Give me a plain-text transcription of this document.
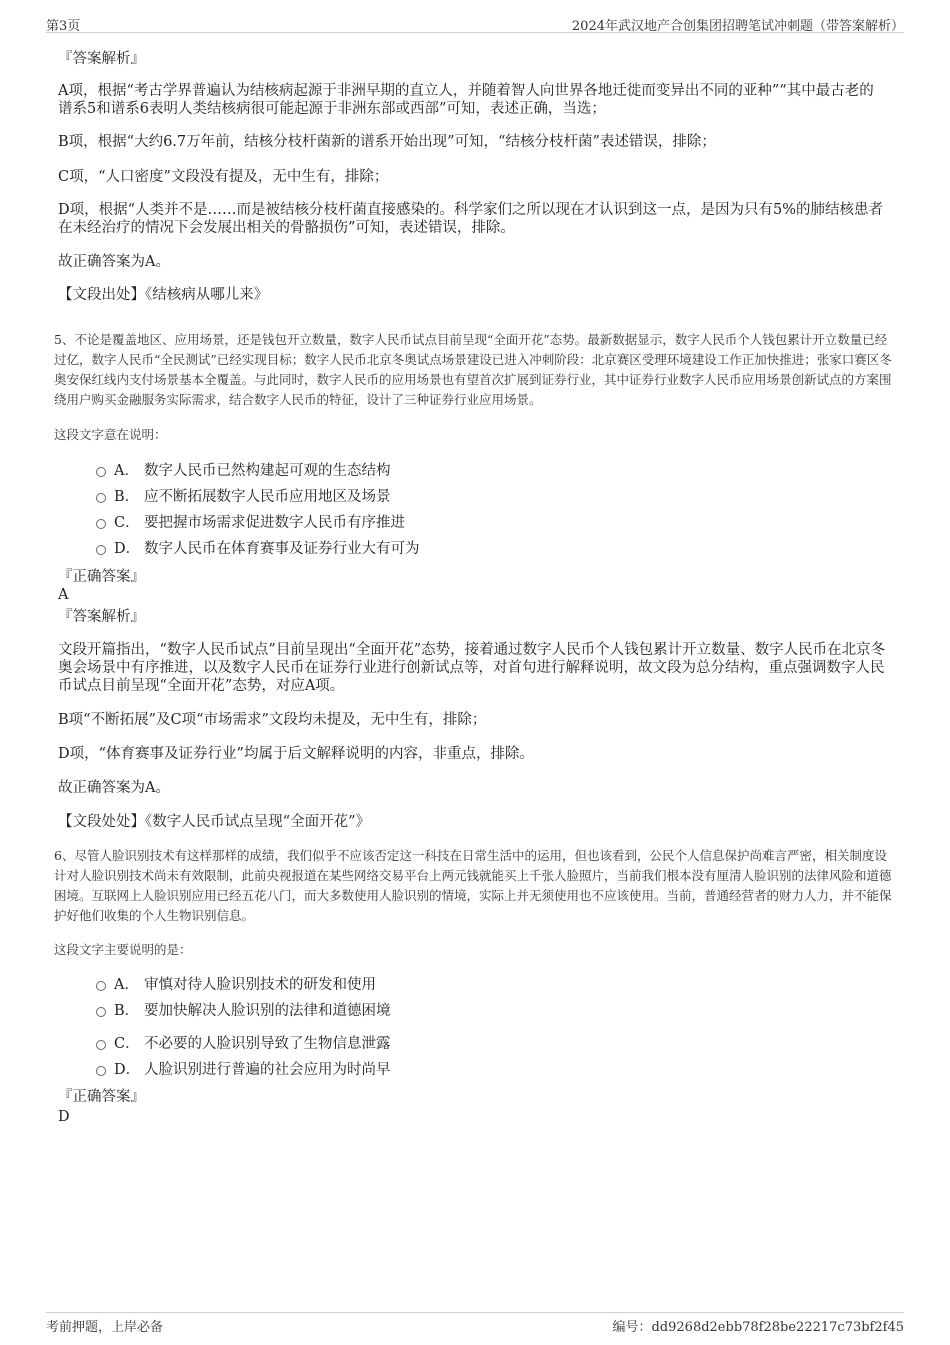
第3页	2024年武汉地产合创集团招聘笔试冲刺题（带答案解析）

『答案解析』

A项，根据“考古学界普遍认为结核病起源于非洲早期的直立人，并随着智人向世界各地迁徙而变异出不同的亚种”“其中最古老的谱系5和谱系6表明人类结核病很可能起源于非洲东部或西部”可知，表述正确，当选；

B项，根据“大约6.7万年前，结核分枝杆菌新的谱系开始出现”可知，“结核分枝杆菌”表述错误，排除；

C项，“人口密度”文段没有提及，无中生有，排除；

D项，根据“人类并不是……而是被结核分枝杆菌直接感染的。科学家们之所以现在才认识到这一点，是因为只有5%的肺结核患者在未经治疗的情况下会发展出相关的骨骼损伤”可知，表述错误，排除。

故正确答案为A。

【文段出处】《结核病从哪儿来》

5、不论是覆盖地区、应用场景，还是钱包开立数量，数字人民币试点目前呈现“全面开花”态势。最新数据显示，数字人民币个人钱包累计开立数量已经过亿，数字人民币“全民测试”已经实现目标；数字人民币北京冬奥试点场景建设已进入冲刺阶段：北京赛区受理环境建设工作正加快推进；张家口赛区冬奥安保红线内支付场景基本全覆盖。与此同时，数字人民币的应用场景也有望首次扩展到证券行业，其中证券行业数字人民币应用场景创新试点的方案围绕用户购买金融服务实际需求，结合数字人民币的特征，设计了三种证券行业应用场景。

这段文字意在说明：

A． 数字人民币已然构建起可观的生态结构
B． 应不断拓展数字人民币应用地区及场景
C． 要把握市场需求促进数字人民币有序推进
D． 数字人民币在体育赛事及证券行业大有可为

『正确答案』

A

『答案解析』

文段开篇指出，“数字人民币试点”目前呈现出“全面开花”态势，接着通过数字人民币个人钱包累计开立数量、数字人民币在北京冬奥会场景中有序推进，以及数字人民币在证券行业进行创新试点等，对首句进行解释说明，故文段为总分结构，重点强调数字人民币试点目前呈现“全面开花”态势，对应A项。

B项“不断拓展”及C项“市场需求”文段均未提及，无中生有，排除；

D项，“体育赛事及证券行业”均属于后文解释说明的内容，非重点，排除。

故正确答案为A。

【文段处处】《数字人民币试点呈现“全面开花”》

6、尽管人脸识别技术有这样那样的成绩，我们似乎不应该否定这一科技在日常生活中的运用，但也该看到，公民个人信息保护尚难言严密，相关制度设计对人脸识别技术尚未有效限制，此前央视报道在某些网络交易平台上两元钱就能买上千张人脸照片，当前我们根本没有厘清人脸识别的法律风险和道德困境。互联网上人脸识别应用已经五花八门，而大多数使用人脸识别的情境，实际上并无须使用也不应该使用。当前，普通经营者的财力人力，并不能保护好他们收集的个人生物识别信息。

这段文字主要说明的是：

A． 审慎对待人脸识别技术的研发和使用
B． 要加快解决人脸识别的法律和道德困境
C． 不必要的人脸识别导致了生物信息泄露
D． 人脸识别进行普遍的社会应用为时尚早

『正确答案』

D

考前押题，上岸必备	编号：dd9268d2ebb78f28be22217c73bf2f45
